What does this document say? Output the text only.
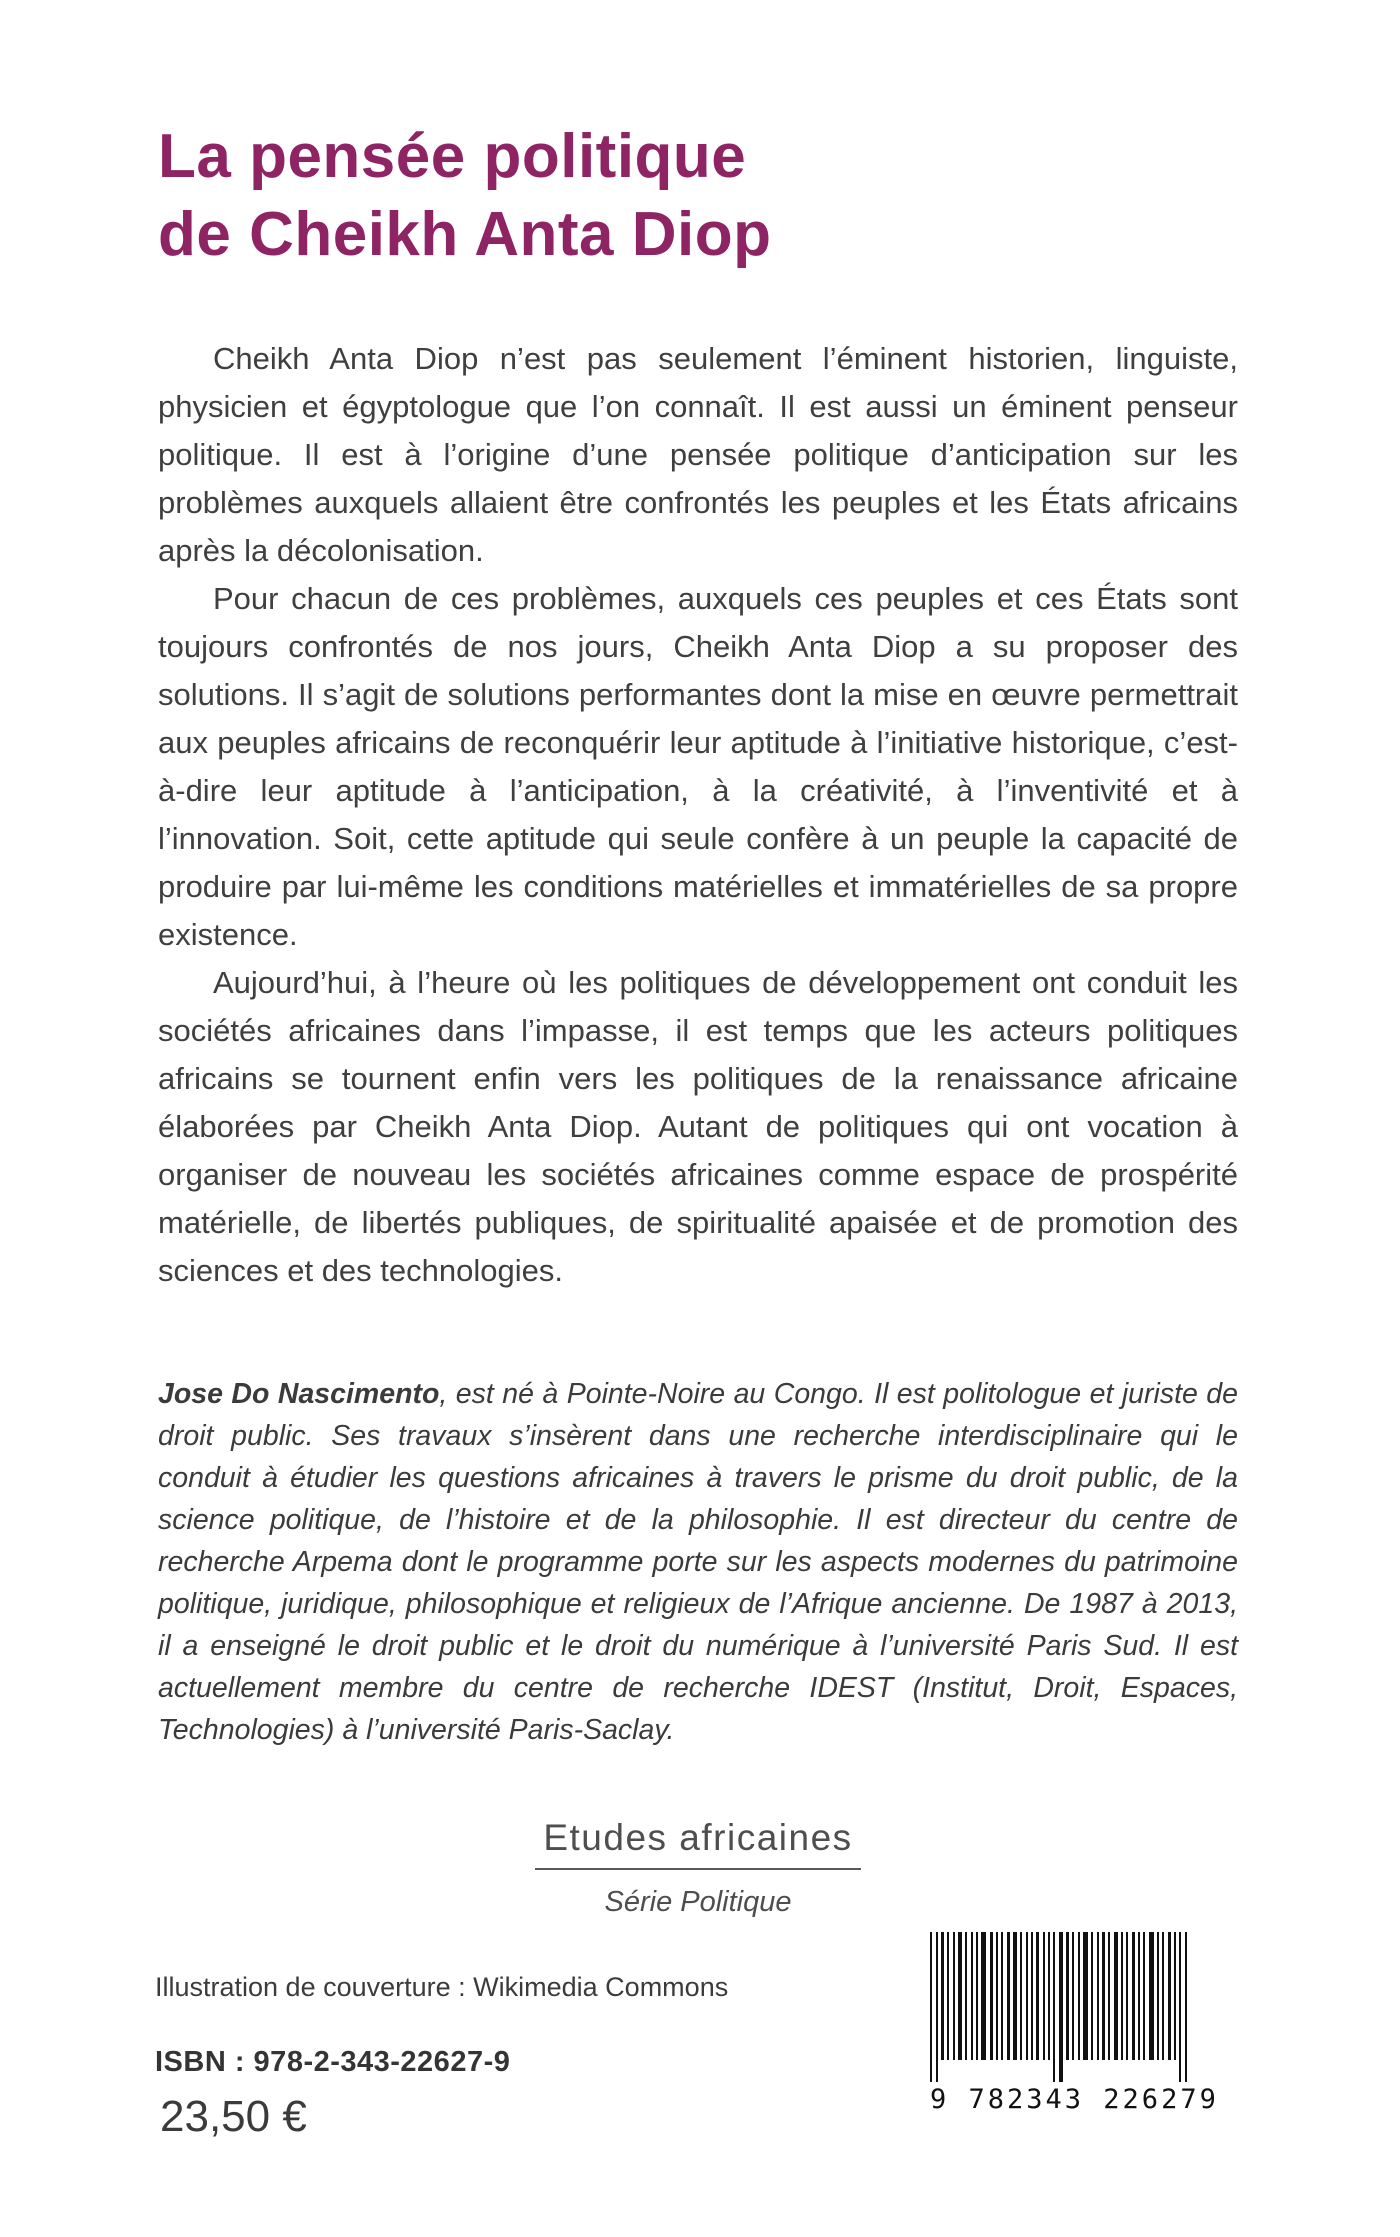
La pensée politique
de Cheikh Anta Diop

Cheikh Anta Diop n’est pas seulement l’éminent historien, linguiste, physicien et égyptologue que l’on connaît. Il est aussi un éminent penseur politique. Il est à l’origine d’une pensée politique d’anticipation sur les problèmes auxquels allaient être confrontés les peuples et les États africains après la décolonisation.

Pour chacun de ces problèmes, auxquels ces peuples et ces États sont toujours confrontés de nos jours, Cheikh Anta Diop a su proposer des solutions. Il s’agit de solutions performantes dont la mise en œuvre permettrait aux peuples africains de reconquérir leur aptitude à l’initiative historique, c’est-à-dire leur aptitude à l’anticipation, à la créativité, à l’inventivité et à l’innovation. Soit, cette aptitude qui seule confère à un peuple la capacité de produire par lui-même les conditions matérielles et immatérielles de sa propre existence.

Aujourd’hui, à l’heure où les politiques de développement ont conduit les sociétés africaines dans l’impasse, il est temps que les acteurs politiques africains se tournent enfin vers les politiques de la renaissance africaine élaborées par Cheikh Anta Diop. Autant de politiques qui ont vocation à organiser de nouveau les sociétés africaines comme espace de prospérité matérielle, de libertés publiques, de spiritualité apaisée et de promotion des sciences et des technologies.

Jose Do Nascimento, est né à Pointe-Noire au Congo. Il est politologue et juriste de droit public. Ses travaux s’insèrent dans une recherche interdisciplinaire qui le conduit à étudier les questions africaines à travers le prisme du droit public, de la science politique, de l’histoire et de la philosophie. Il est directeur du centre de recherche Arpema dont le programme porte sur les aspects modernes du patrimoine politique, juridique, philosophique et religieux de l’Afrique ancienne. De 1987 à 2013, il a enseigné le droit public et le droit du numérique à l’université Paris Sud. Il est actuellement membre du centre de recherche IDEST (Institut, Droit, Espaces, Technologies) à l’université Paris-Saclay.

Etudes africaines
Série Politique
Illustration de couverture : Wikimedia Commons
ISBN : 978-2-343-22627-9
23,50 €	9 782343 226279
